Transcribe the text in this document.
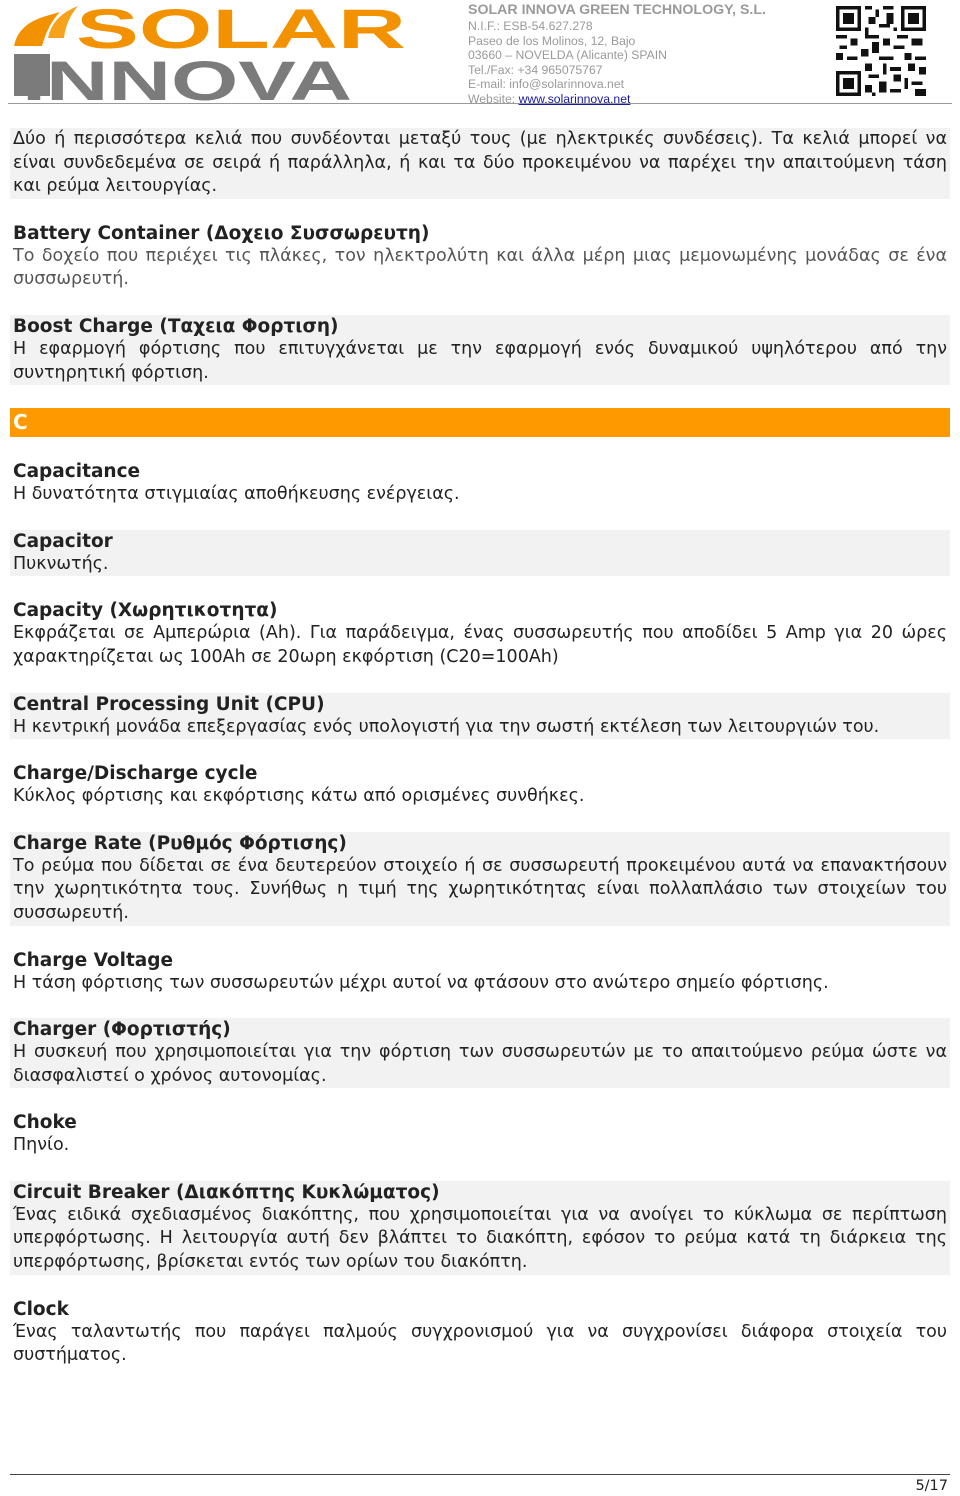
SOLAR
INNOVA
SOLAR INNOVA GREEN TECHNOLOGY, S.L.
N.I.F.: ESB-54.627.278
Paseo de los Molinos, 12, Bajo
03660 – NOVELDA (Alicante) SPAIN
Tel./Fax: +34 965075767
E-mail: info@solarinnova.net
Website: www.solarinnova.net
Δύο ή περισσότερα κελιά που συνδέονται μεταξύ τους (με ηλεκτρικές συνδέσεις). Τα κελιά μπορεί να είναι συνδεδεμένα σε σειρά ή παράλληλα, ή και τα δύο προκειμένου να παρέχει την απαιτούμενη τάση και ρεύμα λειτουργίας.
Battery Container (Δοχειο Συσσωρευτη)
Το δοχείο που περιέχει τις πλάκες, τον ηλεκτρολύτη και άλλα μέρη μιας μεμονωμένης μονάδας σε ένα συσσωρευτή.
Boost Charge (Ταχεια Φορτιση)
Η εφαρμογή φόρτισης που επιτυγχάνεται με την εφαρμογή ενός δυναμικού υψηλότερου από την συντηρητική φόρτιση.
C
Capacitance
Η δυνατότητα στιγμιαίας αποθήκευσης ενέργειας.
Capacitor
Πυκνωτής.
Capacity (Χωρητικοτητα)
Εκφράζεται σε Αμπερώρια (Ah). Για παράδειγμα, ένας συσσωρευτής που αποδίδει 5 Amp για 20 ώρες χαρακτηρίζεται ως 100Ah σε 20ωρη εκφόρτιση (C20=100Ah)
Central Processing Unit (CPU)
Η κεντρική μονάδα επεξεργασίας ενός υπολογιστή για την σωστή εκτέλεση των λειτουργιών του.
Charge/Discharge cycle
Κύκλος φόρτισης και εκφόρτισης κάτω από ορισμένες συνθήκες.
Charge Rate (Ρυθμός Φόρτισης)
Το ρεύμα που δίδεται σε ένα δευτερεύον στοιχείο ή σε συσσωρευτή προκειμένου αυτά να επανακτήσουν την χωρητικότητα τους. Συνήθως η τιμή της χωρητικότητας είναι πολλαπλάσιο των στοιχείων του συσσωρευτή.
Charge Voltage
Η τάση φόρτισης των συσσωρευτών μέχρι αυτοί να φτάσουν στο ανώτερο σημείο φόρτισης.
Charger (Φορτιστής)
Η συσκευή που χρησιμοποιείται για την φόρτιση των συσσωρευτών με το απαιτούμενο ρεύμα ώστε να διασφαλιστεί ο χρόνος αυτονομίας.
Choke
Πηνίο.
Circuit Breaker (Διακόπτης Κυκλώματος)
Ένας ειδικά σχεδιασμένος διακόπτης, που χρησιμοποιείται για να ανοίγει το κύκλωμα σε περίπτωση υπερφόρτωσης. Η λειτουργία αυτή δεν βλάπτει το διακόπτη, εφόσον το ρεύμα κατά τη διάρκεια της υπερφόρτωσης, βρίσκεται εντός των ορίων του διακόπτη.
Clock
Ένας ταλαντωτής που παράγει παλμούς συγχρονισμού για να συγχρονίσει διάφορα στοιχεία του συστήματος.
5/17
